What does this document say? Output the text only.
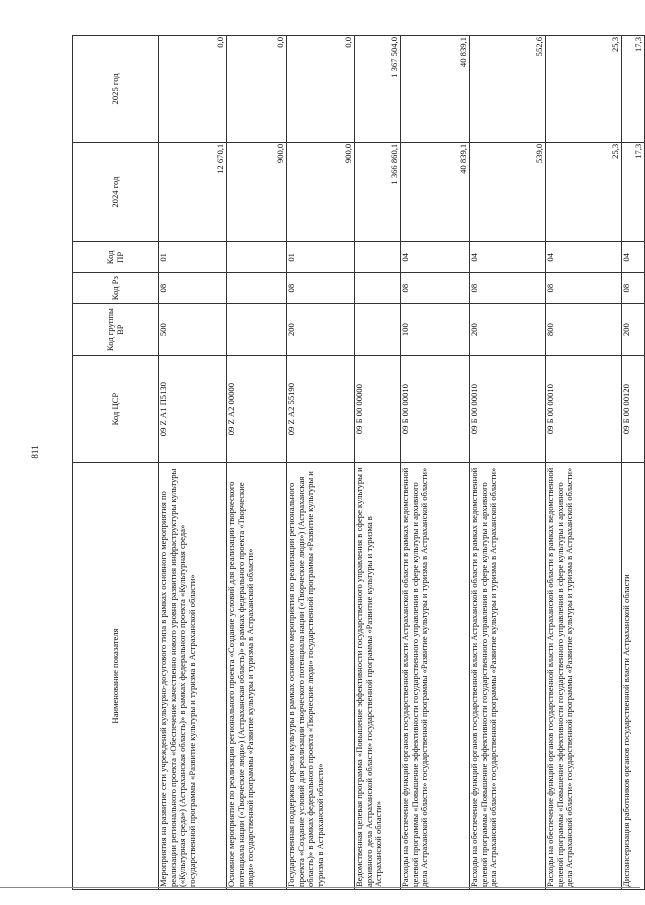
811
Наименование показателя	Код ЦСР	Код группы ВР	Код Рз	Код ПР	2024 год	2025 год
Мероприятия на развитие сети учреждений культурно-досугового типа в рамках основного мероприятия по реализации регионального проекта «Обеспечение качественно нового уровня развития инфраструктуры культуры («Культурная среда») (Астраханская область)» в рамках федерального проекта «Культурная среда» государственной программы «Развитие культуры и туризма в Астраханской области»	09 Z А1 П5130	500	08	01	12 670,1	0,0
Основное мероприятие по реализации регионального проекта «Создание условий для реализации творческого потенциала нации («Творческие люди») (Астраханская область)» в рамках федерального проекта «Творческие люди» государственной программы «Развитие культуры и туризма в Астраханской области»	09 Z А2 00000				900,0	0,0
Государственная поддержка отрасли культуры в рамках основного мероприятия по реализации регионального проекта «Создание условий для реализации творческого потенциала нации («Творческие люди») (Астраханская область)» в рамках федерального проекта «Творческие люди» государственной программы «Развитие культуры и туризма в Астраханской области»	09 Z А2 55190	200	08	01	900,0	0,0
Ведомственная целевая программа «Повышение эффективности государственного управления в сфере культуры и архивного дела Астраханской области» государственной программы «Развитие культуры и туризма в Астраханской области»	09 Б 00 00000				1 366 860,1	1 367 504,0
Расходы на обеспечение функций органов государственной власти Астраханской области в рамках ведомственной целевой программы «Повышение эффективности государственного управления в сфере культуры и архивного дела Астраханской области» государственной программы «Развитие культуры и туризма в Астраханской области»	09 Б 00 00010	100	08	04	40 839,1	40 839,1
Расходы на обеспечение функций органов государственной власти Астраханской области в рамках ведомственной целевой программы «Повышение эффективности государственного управления в сфере культуры и архивного дела Астраханской области» государственной программы «Развитие культуры и туризма в Астраханской области»	09 Б 00 00010	200	08	04	539,0	552,6
Расходы на обеспечение функций органов государственной власти Астраханской области в рамках ведомственной целевой программы «Повышение эффективности государственного управления в сфере культуры и архивного дела Астраханской области» государственной программы «Развитие культуры и туризма в Астраханской области»	09 Б 00 00010	800	08	04	25,3	25,3
Диспансеризация работников органов государственной власти Астраханской области	09 Б 00 00120	200	08	04	17,3	17,3
